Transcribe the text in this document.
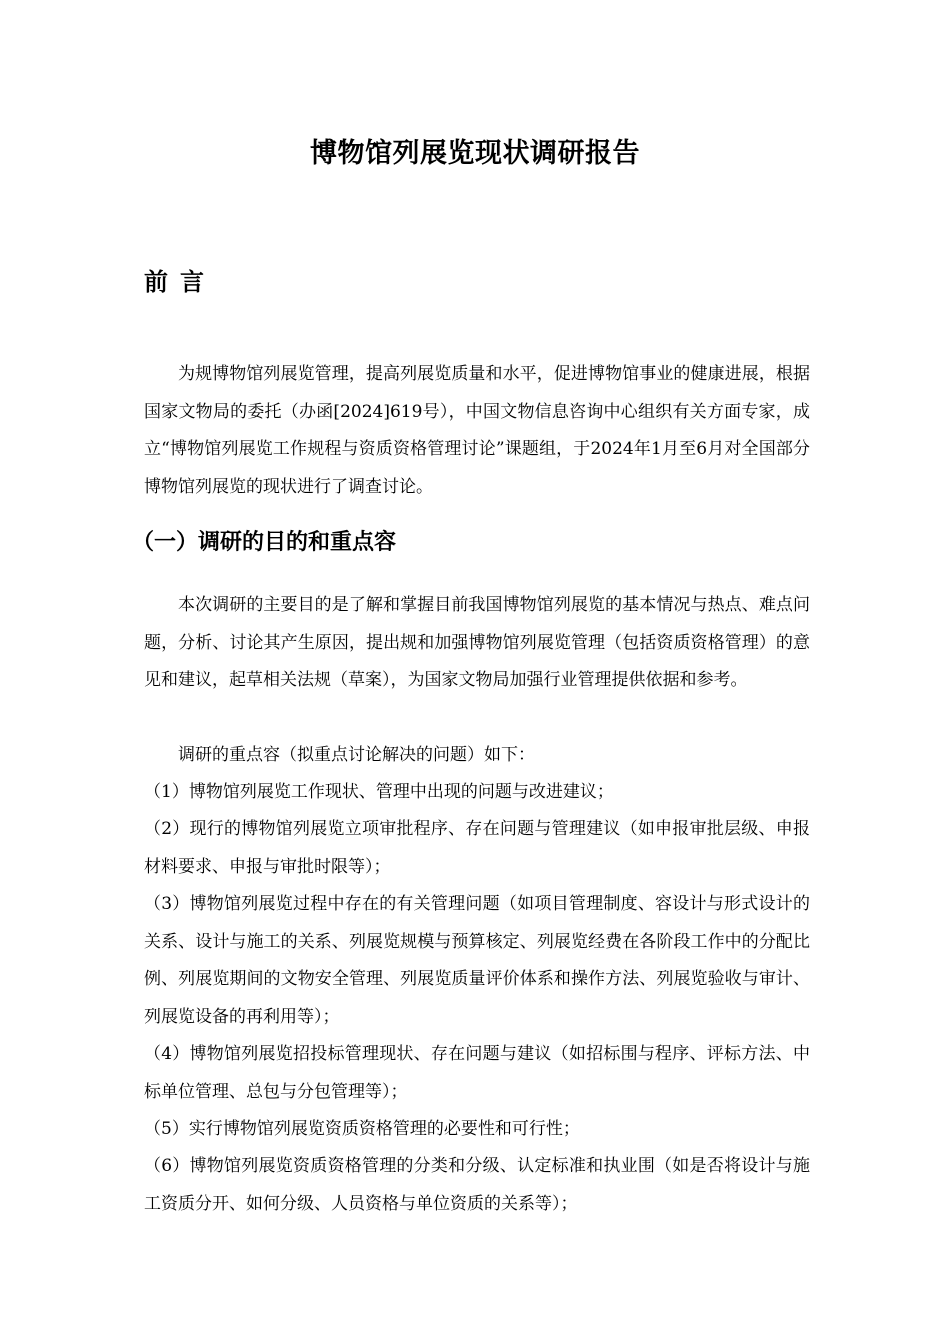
博物馆列展览现状调研报告
前言

为规博物馆列展览管理，提高列展览质量和水平，促进博物馆事业的健康进展，根据国家文物局的委托（办函[2024]619号），中国文物信息咨询中心组织有关方面专家，成立“博物馆列展览工作规程与资质资格管理讨论”课题组，于2024年1月至6月对全国部分博物馆列展览的现状进行了调查讨论。

（一）调研的目的和重点容

本次调研的主要目的是了解和掌握目前我国博物馆列展览的基本情况与热点、难点问题，分析、讨论其产生原因，提出规和加强博物馆列展览管理（包括资质资格管理）的意见和建议，起草相关法规（草案），为国家文物局加强行业管理提供依据和参考。

调研的重点容（拟重点讨论解决的问题）如下：

（1）博物馆列展览工作现状、管理中出现的问题与改进建议；

（2）现行的博物馆列展览立项审批程序、存在问题与管理建议（如申报审批层级、申报材料要求、申报与审批时限等）；

（3）博物馆列展览过程中存在的有关管理问题（如项目管理制度、容设计与形式设计的关系、设计与施工的关系、列展览规模与预算核定、列展览经费在各阶段工作中的分配比例、列展览期间的文物安全管理、列展览质量评价体系和操作方法、列展览验收与审计、列展览设备的再利用等）；

（4）博物馆列展览招投标管理现状、存在问题与建议（如招标围与程序、评标方法、中标单位管理、总包与分包管理等）；

（5）实行博物馆列展览资质资格管理的必要性和可行性；

（6）博物馆列展览资质资格管理的分类和分级、认定标准和执业围（如是否将设计与施工资质分开、如何分级、人员资格与单位资质的关系等）；
